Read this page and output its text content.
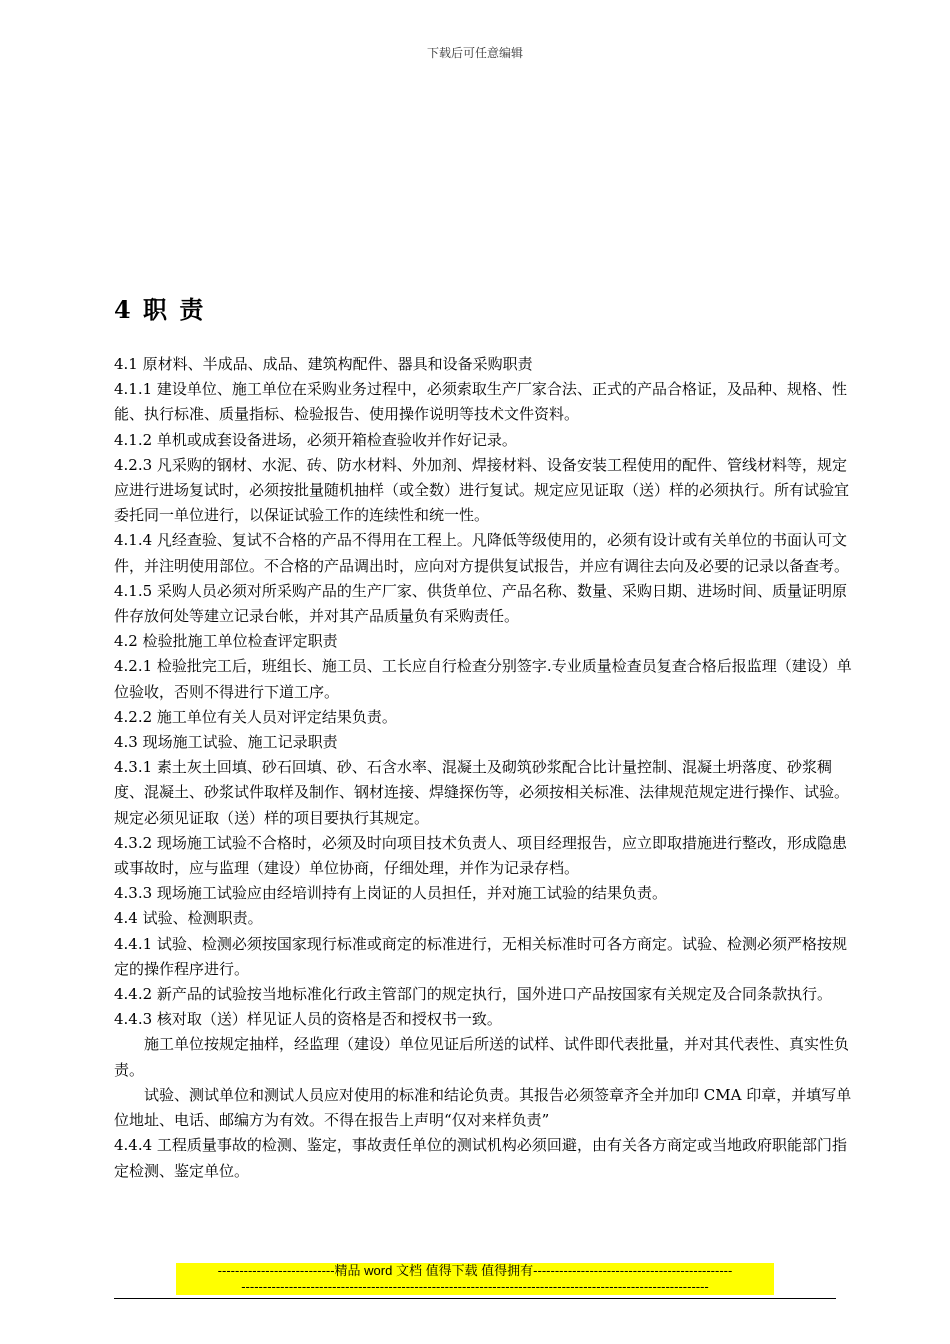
下载后可任意编辑
4 职 责

4.1 原材料、半成品、成品、建筑构配件、器具和设备采购职责

4.1.1 建设单位、施工单位在采购业务过程中，必须索取生产厂家合法、正式的产品合格证，及品种、规格、性能、执行标准、质量指标、检验报告、使用操作说明等技术文件资料。

4.1.2 单机或成套设备进场，必须开箱检查验收并作好记录。

4.2.3 凡采购的钢材、水泥、砖、防水材料、外加剂、焊接材料、设备安装工程使用的配件、管线材料等，规定应进行进场复试时，必须按批量随机抽样（或全数）进行复试。规定应见证取（送）样的必须执行。所有试验宜委托同一单位进行，以保证试验工作的连续性和统一性。

4.1.4 凡经查验、复试不合格的产品不得用在工程上。凡降低等级使用的，必须有设计或有关单位的书面认可文件，并注明使用部位。不合格的产品调出时，应向对方提供复试报告，并应有调往去向及必要的记录以备查考。

4.1.5 采购人员必须对所采购产品的生产厂家、供货单位、产品名称、数量、采购日期、进场时间、质量证明原件存放何处等建立记录台帐，并对其产品质量负有采购责任。

4.2 检验批施工单位检查评定职责

4.2.1 检验批完工后，班组长、施工员、工长应自行检查分别签字.专业质量检查员复查合格后报监理（建设）单位验收，否则不得进行下道工序。

4.2.2 施工单位有关人员对评定结果负责。

4.3 现场施工试验、施工记录职责

4.3.1 素土灰土回填、砂石回填、砂、石含水率、混凝土及砌筑砂浆配合比计量控制、混凝土坍落度、砂浆稠度、混凝土、砂浆试件取样及制作、钢材连接、焊缝探伤等，必须按相关标准、法律规范规定进行操作、试验。规定必须见证取（送）样的项目要执行其规定。

4.3.2 现场施工试验不合格时，必须及时向项目技术负责人、项目经理报告，应立即取措施进行整改，形成隐患或事故时，应与监理（建设）单位协商，仔细处理，并作为记录存档。

4.3.3 现场施工试验应由经培训持有上岗证的人员担任，并对施工试验的结果负责。

4.4 试验、检测职责。

4.4.1 试验、检测必须按国家现行标准或商定的标准进行，无相关标准时可各方商定。试验、检测必须严格按规定的操作程序进行。

4.4.2 新产品的试验按当地标准化行政主管部门的规定执行，国外进口产品按国家有关规定及合同条款执行。

4.4.3 核对取（送）样见证人员的资格是否和授权书一致。

施工单位按规定抽样，经监理（建设）单位见证后所送的试样、试件即代表批量，并对其代表性、真实性负责。

试验、测试单位和测试人员应对使用的标准和结论负责。其报告必须签章齐全并加印 CMA 印章，并填写单位地址、电话、邮编方为有效。不得在报告上声明“仅对来样负责”

4.4.4 工程质量事故的检测、鉴定，事故责任单位的测试机构必须回避，由有关各方商定或当地政府职能部门指定检测、鉴定单位。

---------------------------精品 word 文档 值得下载 值得拥有----------------------------------------------
------------------------------------------------------------------------------------------------------------
